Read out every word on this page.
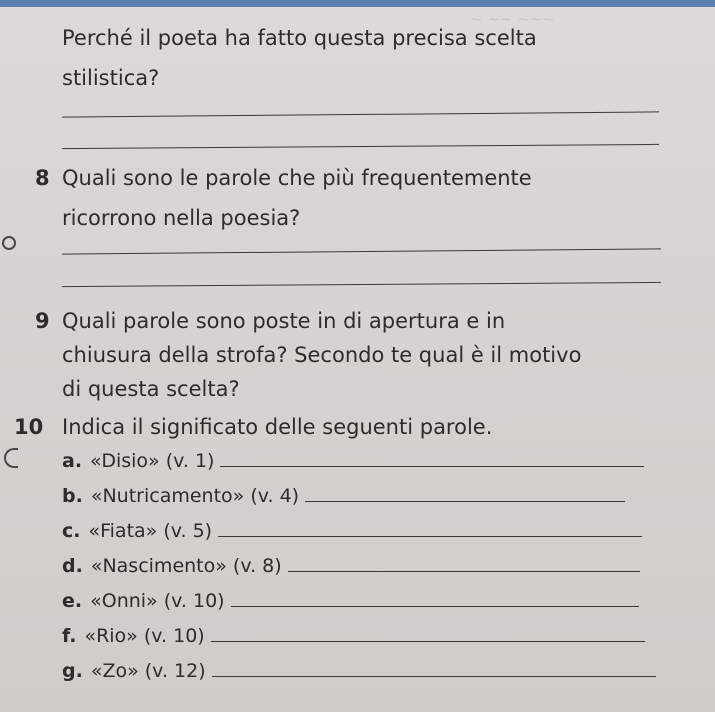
~ ~~ ~~~
Perché il poeta ha fatto questa precisa scelta
stilistica?
8 Quali sono le parole che più frequentemente
ricorrono nella poesia?
9 Quali parole sono poste in di apertura e in
chiusura della strofa? Secondo te qual è il motivo
di questa scelta?
10 Indica il significato delle seguenti parole.
a. «Disio» (v. 1)
b. «Nutricamento» (v. 4)
c. «Fiata» (v. 5)
d. «Nascimento» (v. 8)
e. «Onni» (v. 10)
f. «Rio» (v. 10)
g. «Zo» (v. 12)
